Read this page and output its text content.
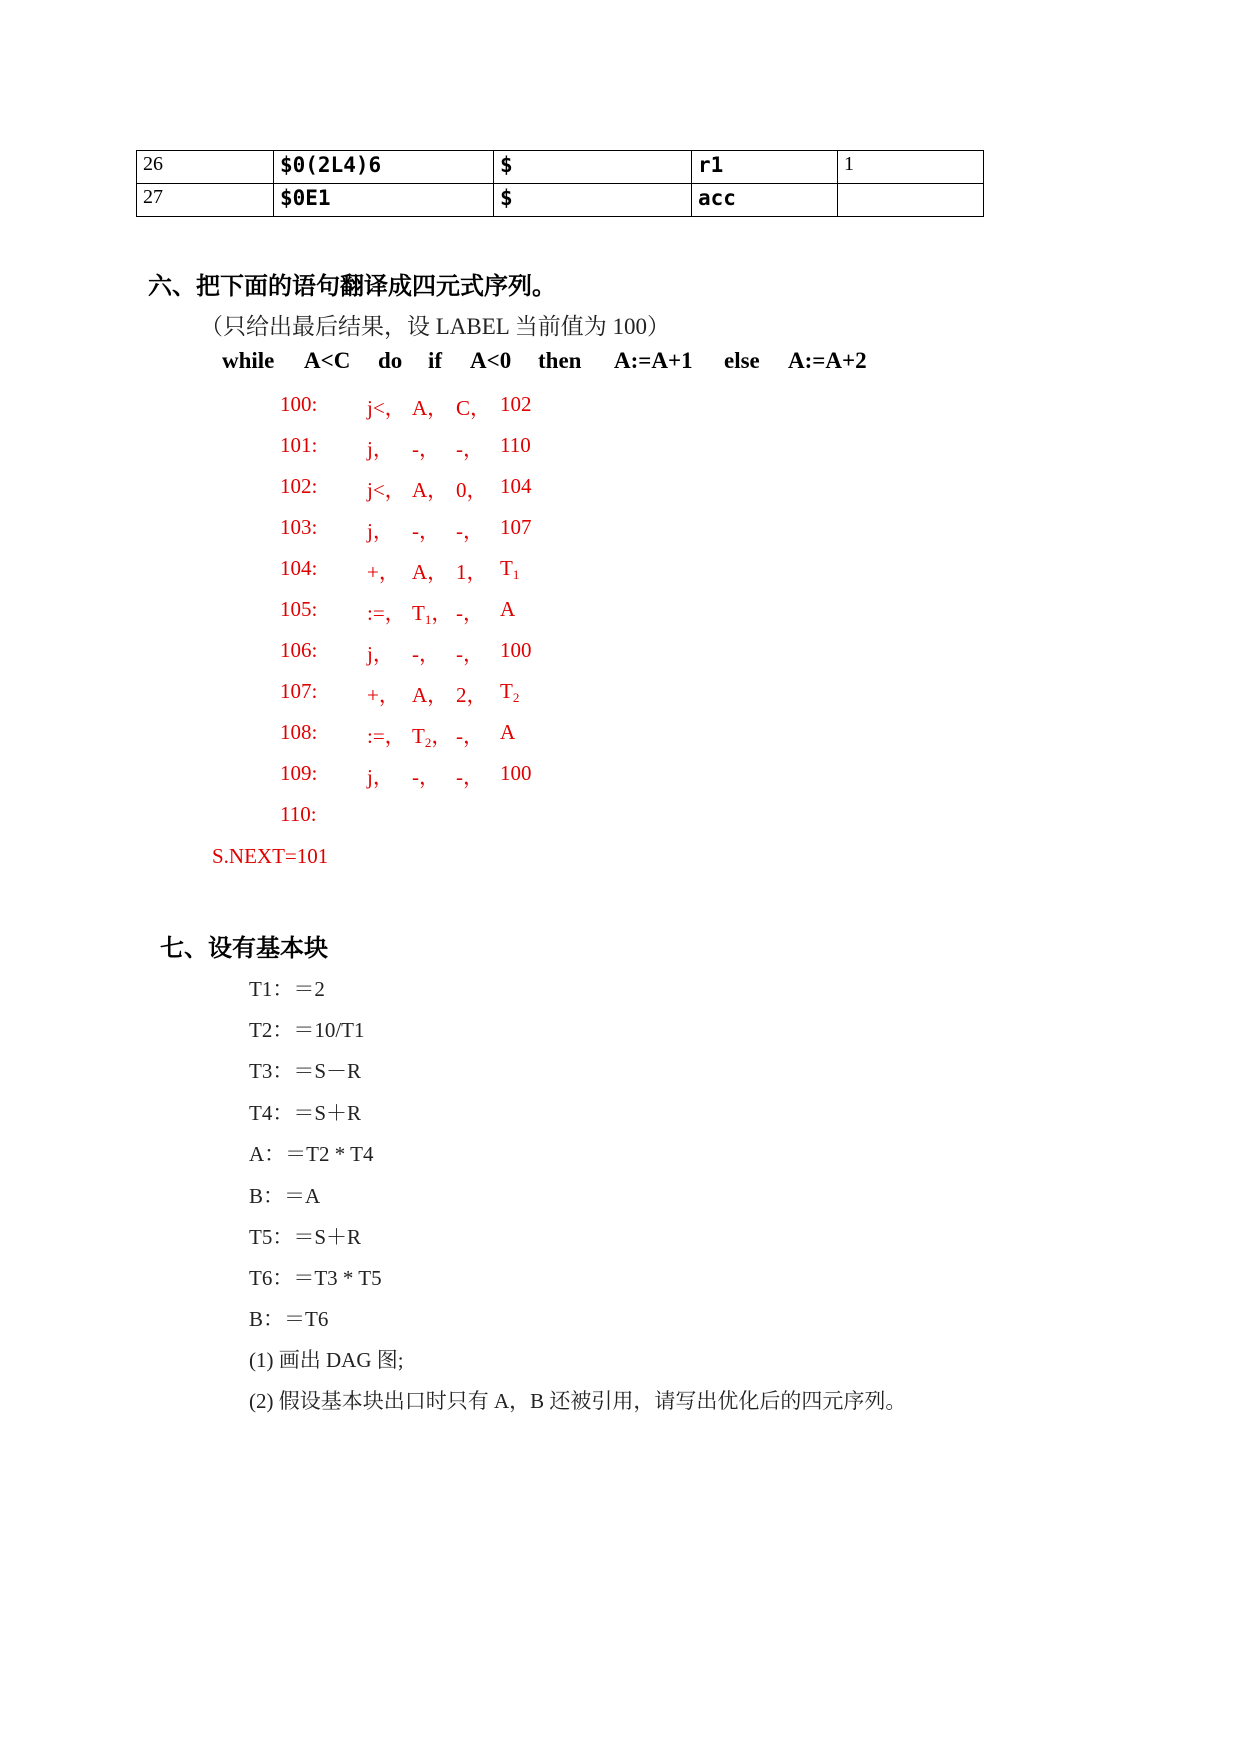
26	$0(2L4)6	$	r1	1
27	$0E1	$	acc	
六、把下面的语句翻译成四元式序列。
（只给出最后结果，设 LABEL 当前值为 100）
while A<C do if A<0 then A:=A+1 else A:=A+2
100: j<， A， C， 102
101: j， -， -， 110
102: j<， A， 0， 104
103: j， -， -， 107
104: +， A， 1， $T_1$
105: :=， $T_1$， -， A
106: j， -， -， 100
107: +， A， 2， $T_2$
108: :=， $T_2$， -， A
109: j， -， -， 100
110:
S.NEXT=101
七、设有基本块
T1：＝2
T2：＝10/T1
T3：＝S－R
T4：＝S＋R
A：＝T2 * T4
B：＝A
T5：＝S＋R
T6：＝T3 * T5
B：＝T6
(1) 画出 DAG 图;
(2) 假设基本块出口时只有 A，B 还被引用，请写出优化后的四元序列。
